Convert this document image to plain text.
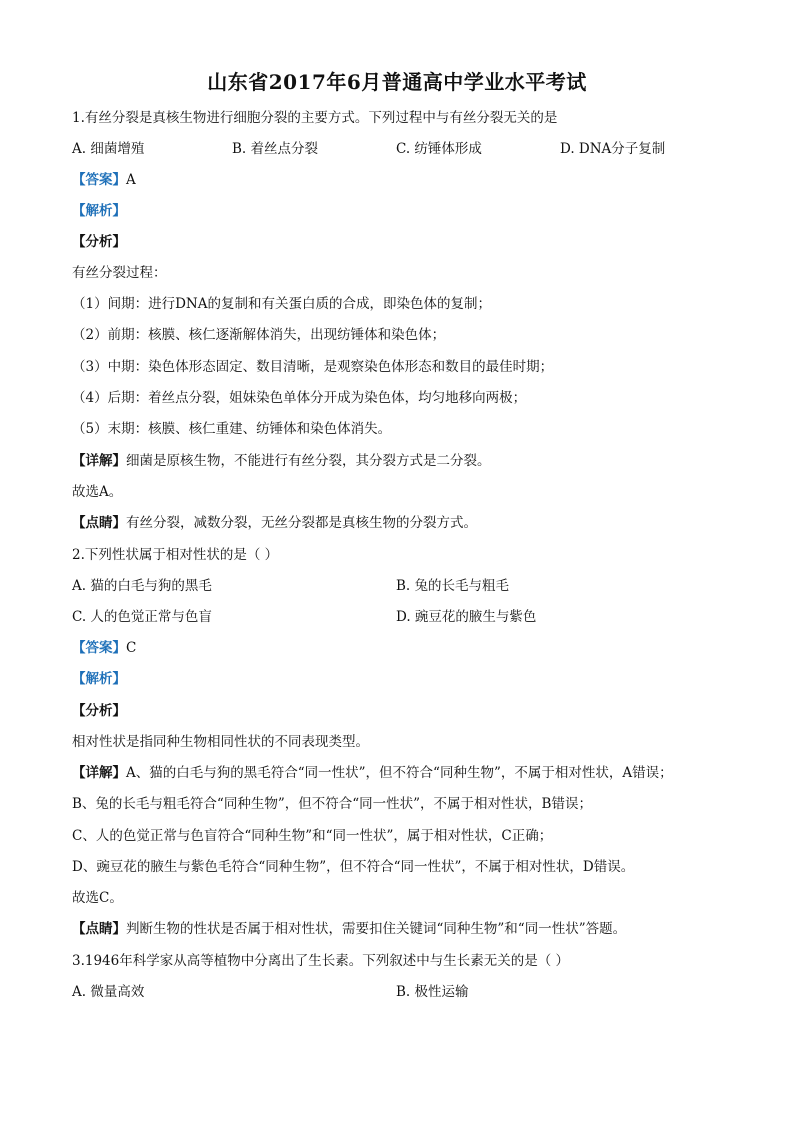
山东省2017年6月普通高中学业水平考试
1.有丝分裂是真核生物进行细胞分裂的主要方式。下列过程中与有丝分裂无关的是
A. 细菌增殖	B. 着丝点分裂	C. 纺锤体形成	D. DNA分子复制
【答案】A
【解析】
【分析】
有丝分裂过程：
（1）间期：进行DNA的复制和有关蛋白质的合成，即染色体的复制；
（2）前期：核膜、核仁逐渐解体消失，出现纺锤体和染色体；
（3）中期：染色体形态固定、数目清晰，是观察染色体形态和数目的最佳时期；
（4）后期：着丝点分裂，姐妹染色单体分开成为染色体，均匀地移向两极；
（5）末期：核膜、核仁重建、纺锤体和染色体消失。
【详解】细菌是原核生物，不能进行有丝分裂，其分裂方式是二分裂。
故选A。
【点睛】有丝分裂，减数分裂，无丝分裂都是真核生物的分裂方式。
2.下列性状属于相对性状的是（ ）
A. 猫的白毛与狗的黑毛	B. 兔的长毛与粗毛
C. 人的色觉正常与色盲	D. 豌豆花的腋生与紫色
【答案】C
【解析】
【分析】
相对性状是指同种生物相同性状的不同表现类型。
【详解】A、猫的白毛与狗的黑毛符合“同一性状”，但不符合“同种生物”，不属于相对性状，A错误；
B、兔的长毛与粗毛符合“同种生物”，但不符合“同一性状”，不属于相对性状，B错误；
C、人的色觉正常与色盲符合“同种生物”和“同一性状”，属于相对性状，C正确；
D、豌豆花的腋生与紫色毛符合“同种生物”，但不符合“同一性状”，不属于相对性状，D错误。
故选C。
【点睛】判断生物的性状是否属于相对性状，需要扣住关键词“同种生物”和“同一性状”答题。
3.1946年科学家从高等植物中分离出了生长素。下列叙述中与生长素无关的是（ ）
A. 微量高效	B. 极性运输
